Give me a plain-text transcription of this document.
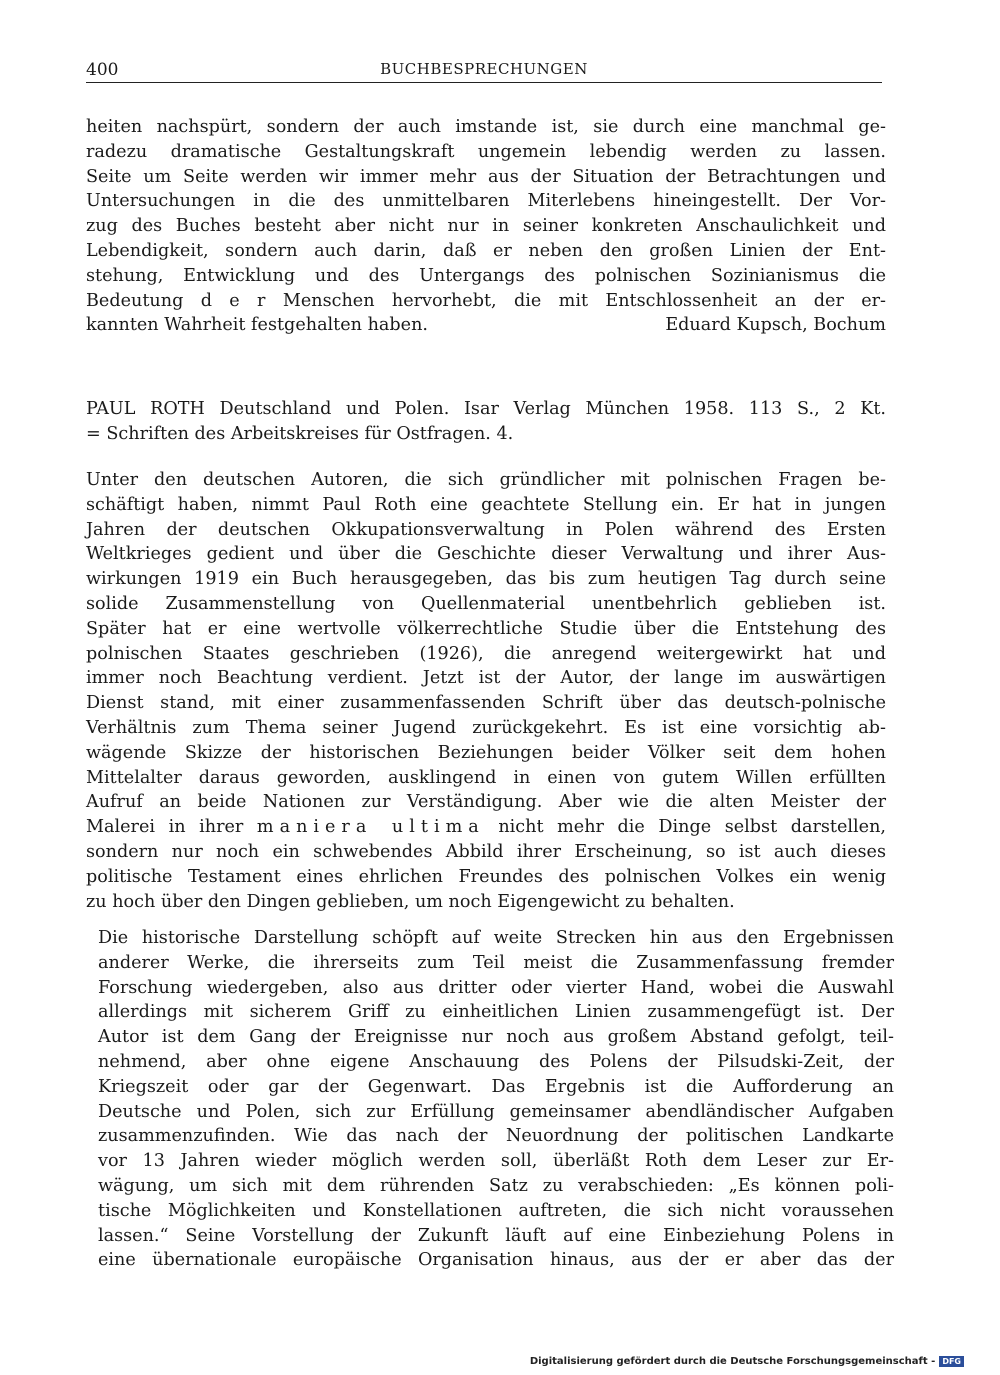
400	BUCHBESPRECHUNGEN
heiten nachspürt, sondern der auch imstande ist, sie durch eine manchmal ge-
radezu dramatische Gestaltungskraft ungemein lebendig werden zu lassen.
Seite um Seite werden wir immer mehr aus der Situation der Betrachtungen und
Untersuchungen in die des unmittelbaren Miterlebens hineingestellt. Der Vor-
zug des Buches besteht aber nicht nur in seiner konkreten Anschaulichkeit und
Lebendigkeit, sondern auch darin, daß er neben den großen Linien der Ent-
stehung, Entwicklung und des Untergangs des polnischen Sozinianismus die
Bedeutung d e r Menschen hervorhebt, die mit Entschlossenheit an der er-
kannten Wahrheit festgehalten haben.	Eduard Kupsch, Bochum
PAUL ROTH Deutschland und Polen. Isar Verlag München 1958. 113 S., 2 Kt.
= Schriften des Arbeitskreises für Ostfragen. 4.
Unter den deutschen Autoren, die sich gründlicher mit polnischen Fragen be-
schäftigt haben, nimmt Paul Roth eine geachtete Stellung ein. Er hat in jungen
Jahren der deutschen Okkupationsverwaltung in Polen während des Ersten
Weltkrieges gedient und über die Geschichte dieser Verwaltung und ihrer Aus-
wirkungen 1919 ein Buch herausgegeben, das bis zum heutigen Tag durch seine
solide Zusammenstellung von Quellenmaterial unentbehrlich geblieben ist.
Später hat er eine wertvolle völkerrechtliche Studie über die Entstehung des
polnischen Staates geschrieben (1926), die anregend weitergewirkt hat und
immer noch Beachtung verdient. Jetzt ist der Autor, der lange im auswärtigen
Dienst stand, mit einer zusammenfassenden Schrift über das deutsch-polnische
Verhältnis zum Thema seiner Jugend zurückgekehrt. Es ist eine vorsichtig ab-
wägende Skizze der historischen Beziehungen beider Völker seit dem hohen
Mittelalter daraus geworden, ausklingend in einen von gutem Willen erfüllten
Aufruf an beide Nationen zur Verständigung. Aber wie die alten Meister der
Malerei in ihrer maniera ultima nicht mehr die Dinge selbst darstellen,
sondern nur noch ein schwebendes Abbild ihrer Erscheinung, so ist auch dieses
politische Testament eines ehrlichen Freundes des polnischen Volkes ein wenig
zu hoch über den Dingen geblieben, um noch Eigengewicht zu behalten.
Die historische Darstellung schöpft auf weite Strecken hin aus den Ergebnissen
anderer Werke, die ihrerseits zum Teil meist die Zusammenfassung fremder
Forschung wiedergeben, also aus dritter oder vierter Hand, wobei die Auswahl
allerdings mit sicherem Griff zu einheitlichen Linien zusammengefügt ist. Der
Autor ist dem Gang der Ereignisse nur noch aus großem Abstand gefolgt, teil-
nehmend, aber ohne eigene Anschauung des Polens der Pilsudski-Zeit, der
Kriegszeit oder gar der Gegenwart. Das Ergebnis ist die Aufforderung an
Deutsche und Polen, sich zur Erfüllung gemeinsamer abendländischer Aufgaben
zusammenzufinden. Wie das nach der Neuordnung der politischen Landkarte
vor 13 Jahren wieder möglich werden soll, überläßt Roth dem Leser zur Er-
wägung, um sich mit dem rührenden Satz zu verabschieden: „Es können poli-
tische Möglichkeiten und Konstellationen auftreten, die sich nicht voraussehen
lassen.“ Seine Vorstellung der Zukunft läuft auf eine Einbeziehung Polens in
eine übernationale europäische Organisation hinaus, aus der er aber das der
Digitalisierung gefördert durch die Deutsche Forschungsgemeinschaft - DFG
